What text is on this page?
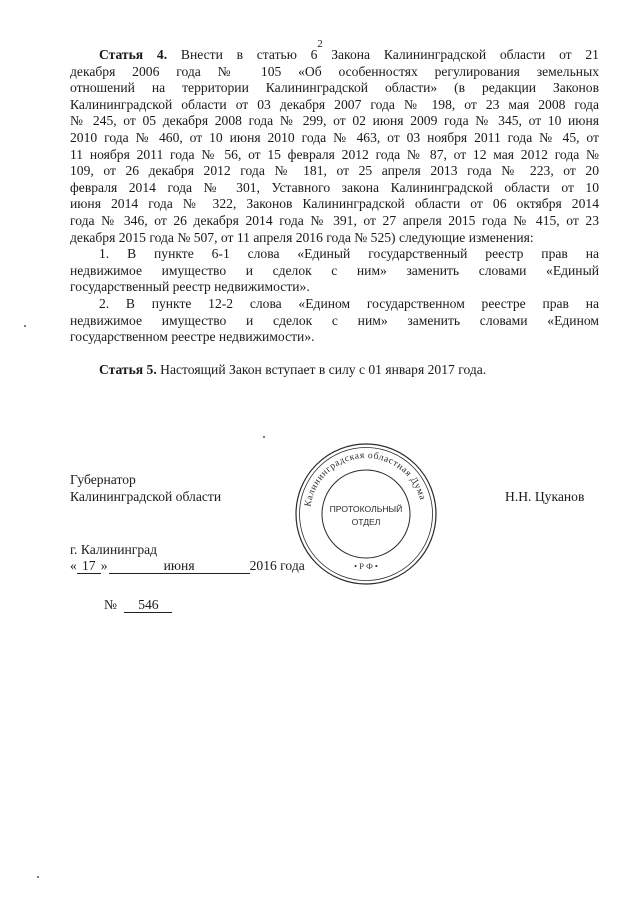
2
Статья 4. Внести в статью 6 Закона Калининградской области от 21
декабря 2006 года № 105 «Об особенностях регулирования земельных
отношений на территории Калининградской области» (в редакции Законов
Калининградской области от 03 декабря 2007 года № 198, от 23 мая 2008 года
№ 245, от 05 декабря 2008 года № 299, от 02 июня 2009 года № 345, от 10 июня
2010 года № 460, от 10 июня 2010 года № 463, от 03 ноября 2011 года № 45, от
11 ноября 2011 года № 56, от 15 февраля 2012 года № 87, от 12 мая 2012 года №
109, от 26 декабря 2012 года № 181, от 25 апреля 2013 года № 223, от 20
февраля 2014 года № 301, Уставного закона Калининградской области от 10
июня 2014 года № 322, Законов Калининградской области от 06 октября 2014
года № 346, от 26 декабря 2014 года № 391, от 27 апреля 2015 года № 415, от 23
декабря 2015 года № 507, от 11 апреля 2016 года № 525) следующие изменения:
1. В пункте 6-1 слова «Единый государственный реестр прав на
недвижимое имущество и сделок с ним» заменить словами «Единый
государственный реестр недвижимости».
2. В пункте 12-2 слова «Едином государственном реестре прав на
недвижимое имущество и сделок с ним» заменить словами «Едином
государственном реестре недвижимости».
Статья 5. Настоящий Закон вступает в силу с 01 января 2017 года.
Губернатор
Калининградской области	Н.Н. Цуканов
Калининградская областная Дума
• Р Ф •
ПРОТОКОЛЬНЫЙ
ОТДЕЛ
г. Калининград
« 17 »	июня	2016 года
№ 546
